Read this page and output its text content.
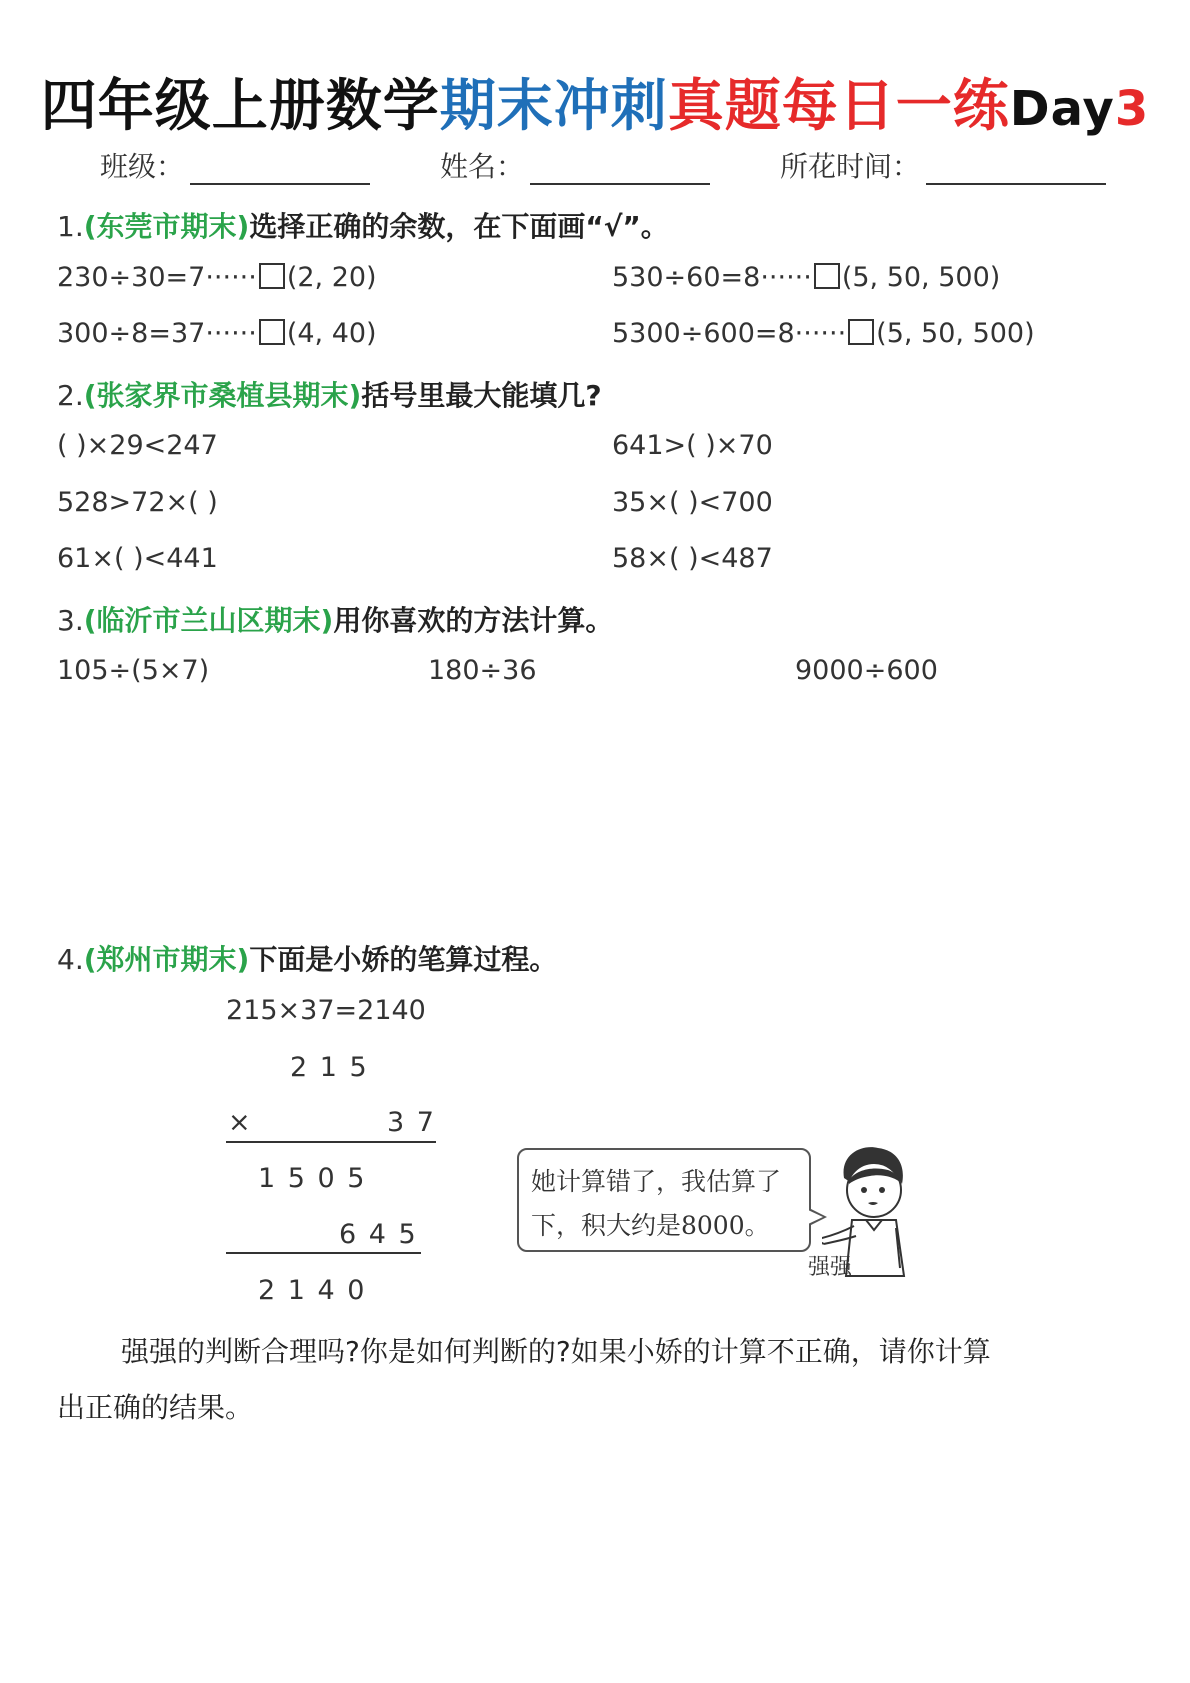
四年级上册数学期末冲刺真题每日一练Day3
班级：	姓名：	所花时间：
1.(东莞市期末)选择正确的余数，在下面画“√”。
230÷30=7······ (2, 20)	530÷60=8······ (5, 50, 500)
300÷8=37······ (4, 40)	5300÷600=8······ (5, 50, 500)
2.(张家界市桑植县期末)括号里最大能填几?
( )×29<247	641>( )×70
528>72×( )	35×( )<700
61×( )<441	58×( )<487
3.(临沂市兰山区期末)用你喜欢的方法计算。
105÷(5×7)	180÷36	9000÷600
4.(郑州市期末)下面是小娇的笔算过程。
215×37=2140
2 1 5
×	3 7
1 5 0 5
6 4 5
2 1 4 0
她计算错了，我估算了
下，积大约是8000。
强强
强强的判断合理吗?你是如何判断的?如果小娇的计算不正确，请你计算
出正确的结果。
